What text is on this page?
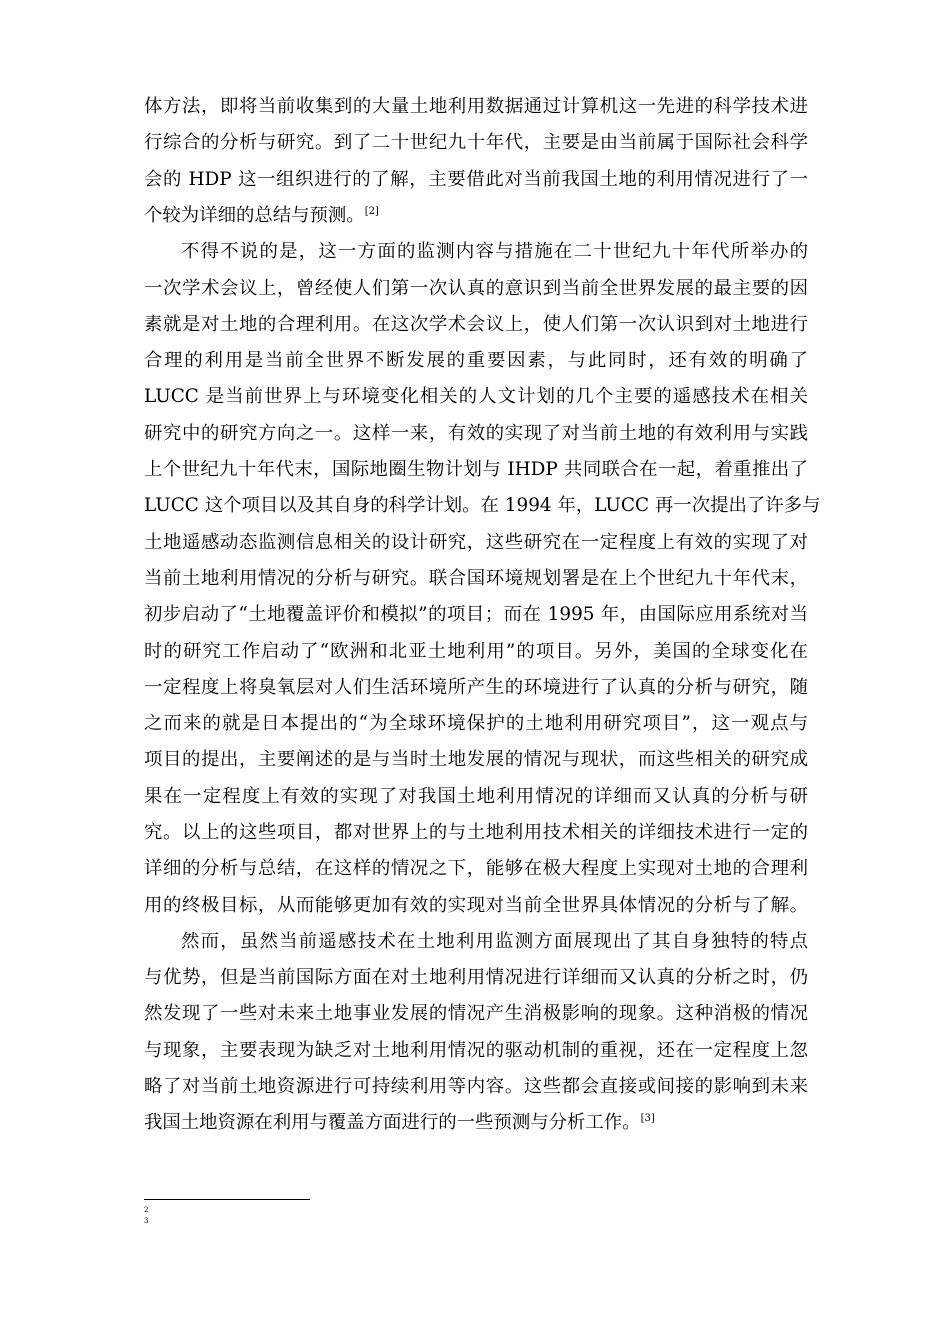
体方法，即将当前收集到的大量土地利用数据通过计算机这一先进的科学技术进
行综合的分析与研究。到了二十世纪九十年代，主要是由当前属于国际社会科学
会的 HDP 这一组织进行的了解，主要借此对当前我国土地的利用情况进行了一
个较为详细的总结与预测。[2]
不得不说的是，这一方面的监测内容与措施在二十世纪九十年代所举办的
一次学术会议上，曾经使人们第一次认真的意识到当前全世界发展的最主要的因
素就是对土地的合理利用。在这次学术会议上，使人们第一次认识到对土地进行
合理的利用是当前全世界不断发展的重要因素，与此同时，还有效的明确了
LUCC 是当前世界上与环境变化相关的人文计划的几个主要的遥感技术在相关
研究中的研究方向之一。这样一来，有效的实现了对当前土地的有效利用与实践
上个世纪九十年代末，国际地圈生物计划与 IHDP 共同联合在一起，着重推出了
LUCC 这个项目以及其自身的科学计划。在 1994 年，LUCC 再一次提出了许多与
土地遥感动态监测信息相关的设计研究，这些研究在一定程度上有效的实现了对
当前土地利用情况的分析与研究。联合国环境规划署是在上个世纪九十年代末，
初步启动了“土地覆盖评价和模拟”的项目；而在 1995 年，由国际应用系统对当
时的研究工作启动了“欧洲和北亚土地利用”的项目。另外，美国的全球变化在
一定程度上将臭氧层对人们生活环境所产生的环境进行了认真的分析与研究，随
之而来的就是日本提出的“为全球环境保护的土地利用研究项目”，这一观点与
项目的提出，主要阐述的是与当时土地发展的情况与现状，而这些相关的研究成
果在一定程度上有效的实现了对我国土地利用情况的详细而又认真的分析与研
究。以上的这些项目，都对世界上的与土地利用技术相关的详细技术进行一定的
详细的分析与总结，在这样的情况之下，能够在极大程度上实现对土地的合理利
用的终极目标，从而能够更加有效的实现对当前全世界具体情况的分析与了解。
然而，虽然当前遥感技术在土地利用监测方面展现出了其自身独特的特点
与优势，但是当前国际方面在对土地利用情况进行详细而又认真的分析之时，仍
然发现了一些对未来土地事业发展的情况产生消极影响的现象。这种消极的情况
与现象，主要表现为缺乏对土地利用情况的驱动机制的重视，还在一定程度上忽
略了对当前土地资源进行可持续利用等内容。这些都会直接或间接的影响到未来
我国土地资源在利用与覆盖方面进行的一些预测与分析工作。[3]
2
3
